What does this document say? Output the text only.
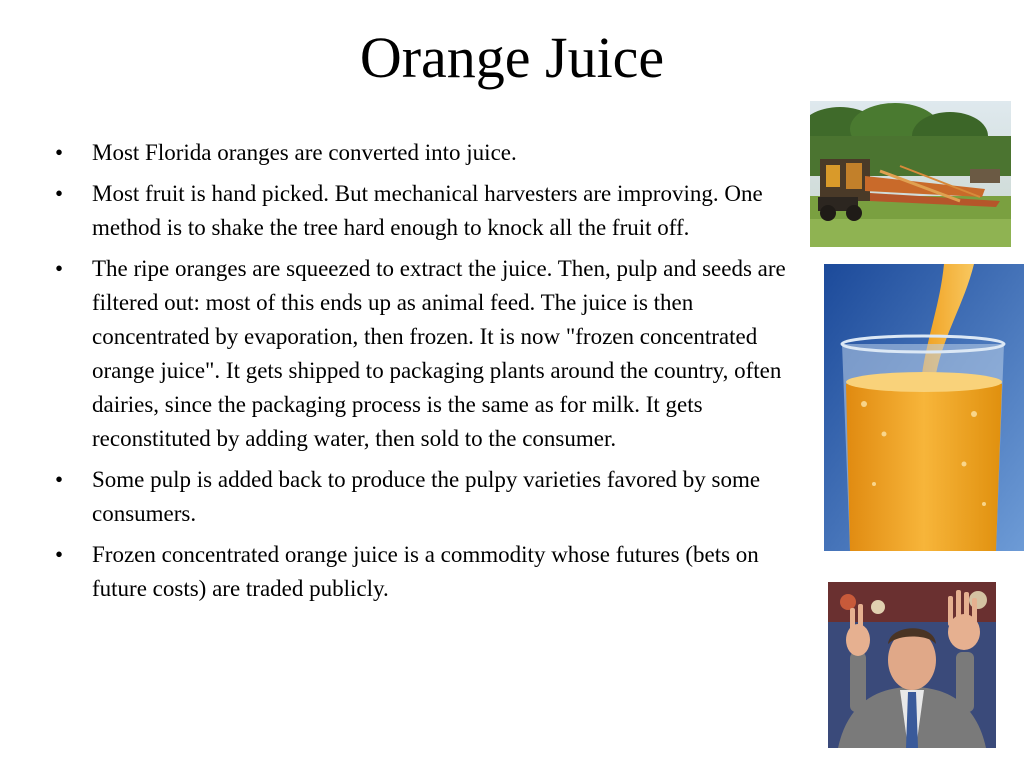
Orange Juice
• Most Florida oranges are converted into juice.
• Most fruit is hand picked. But mechanical harvesters are improving. One method is to shake the tree hard enough to knock all the fruit off.
• The ripe oranges are squeezed to extract the juice. Then, pulp and seeds are filtered out: most of this ends up as animal feed. The juice is then concentrated by evaporation, then frozen. It is now "frozen concentrated orange juice". It gets shipped to packaging plants around the country, often dairies, since the packaging process is the same as for milk. It gets reconstituted by adding water, then sold to the consumer.
• Some pulp is added back to produce the pulpy varieties favored by some consumers.
• Frozen concentrated orange juice is a commodity whose futures (bets on future costs) are traded publicly.
